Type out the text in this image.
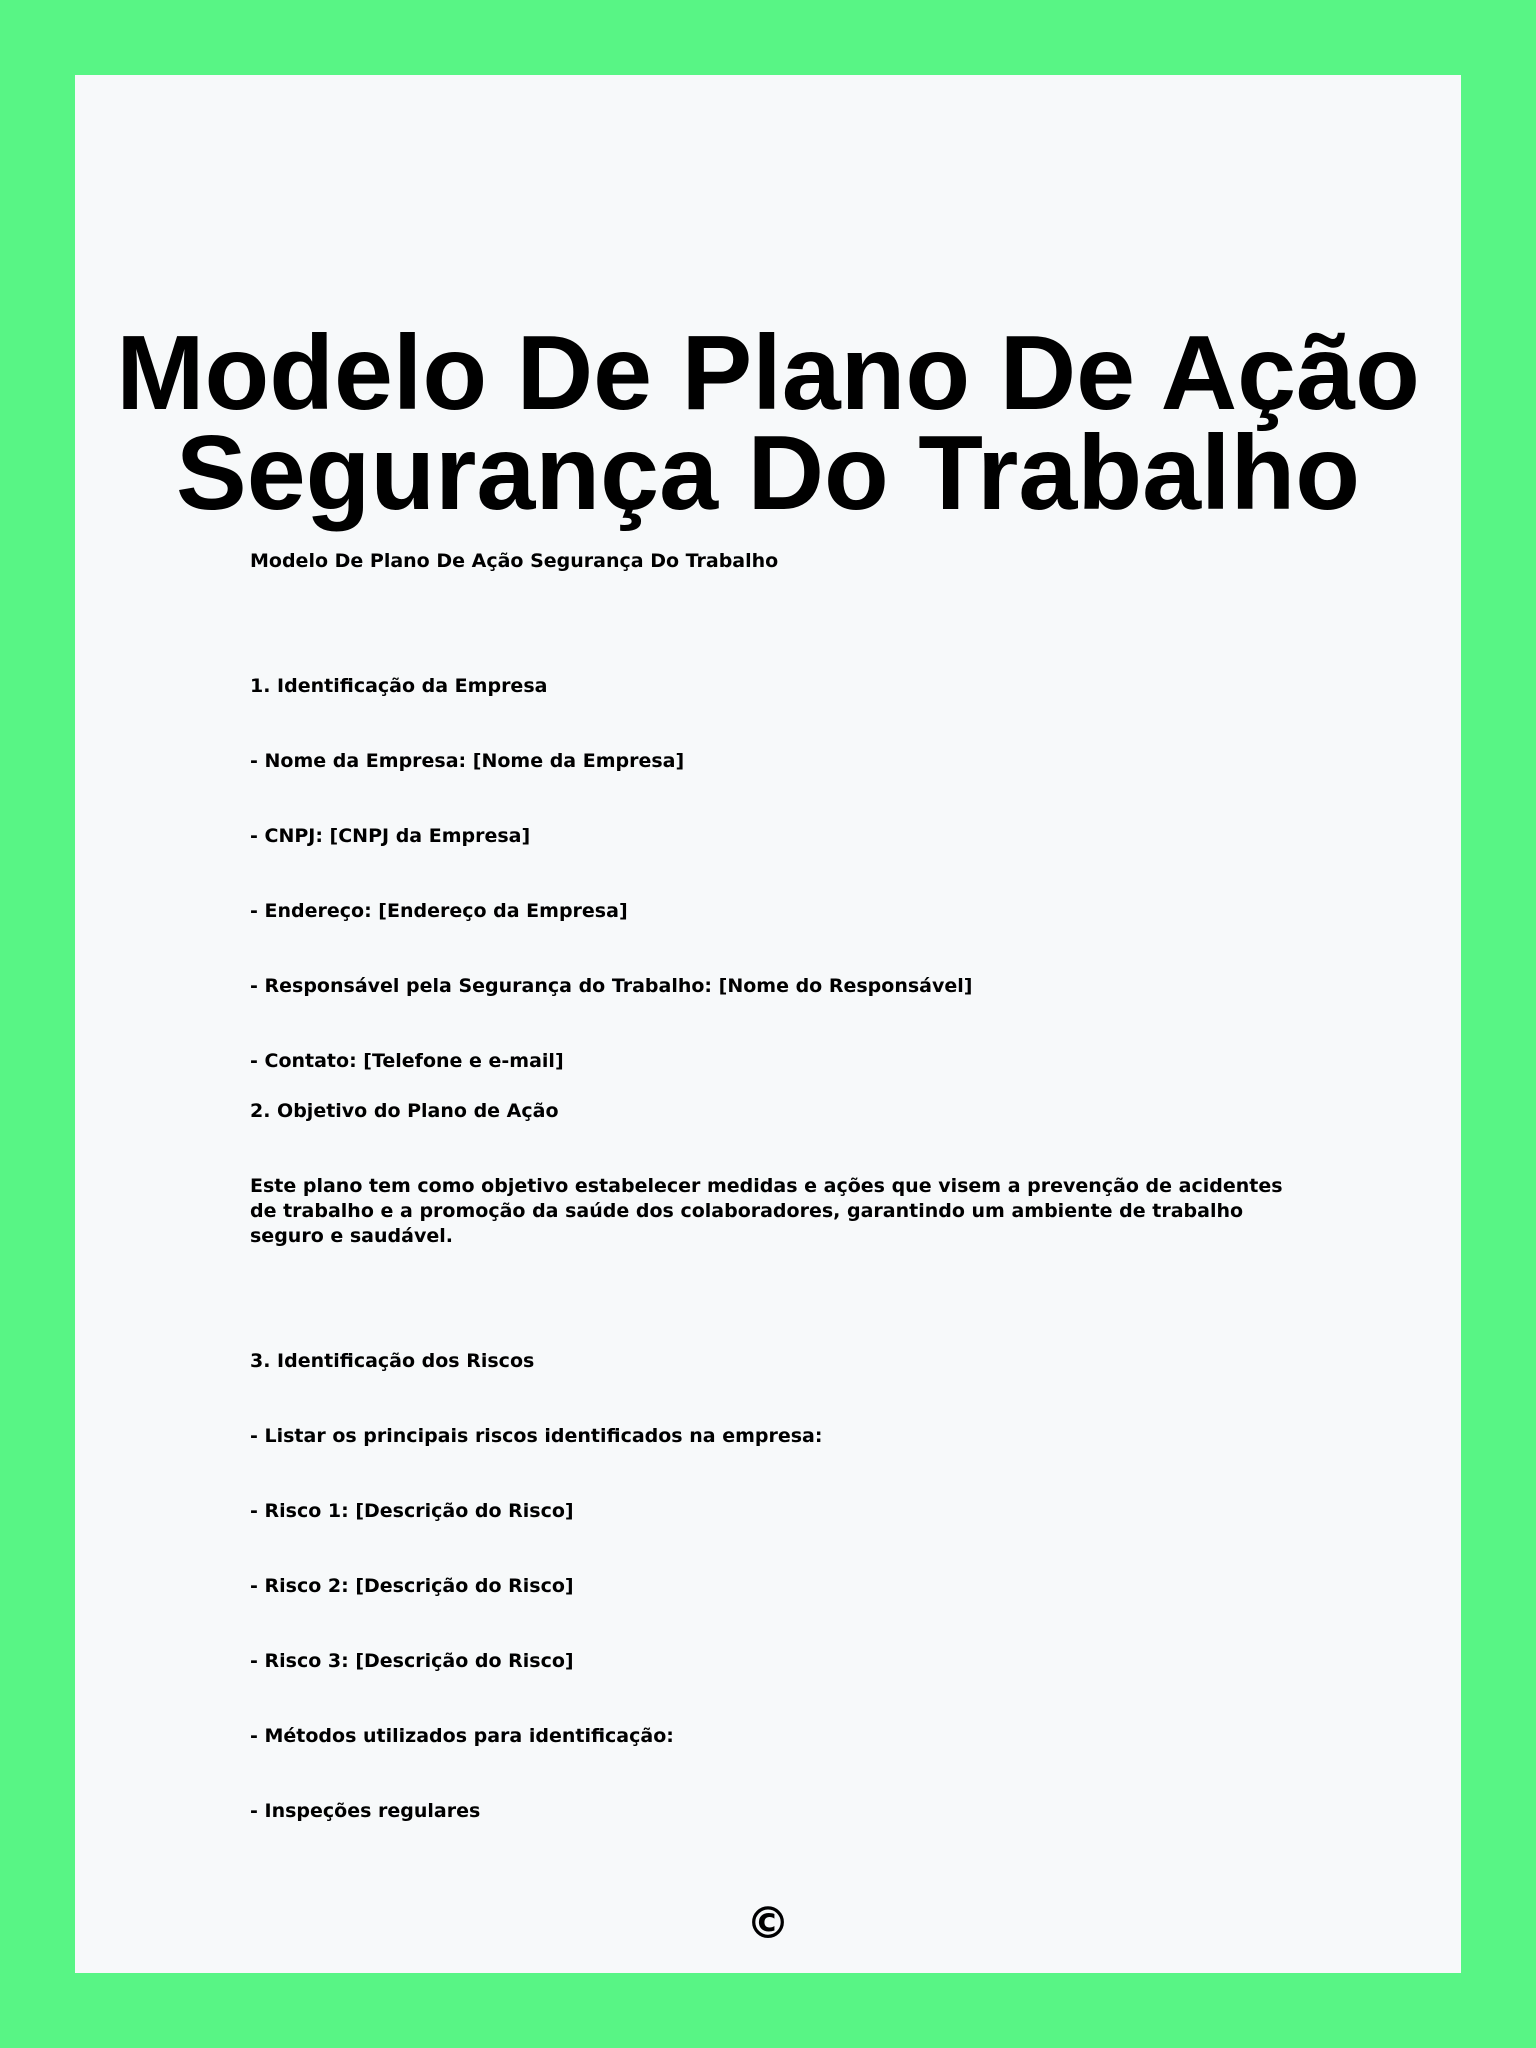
Modelo De Plano De Ação
Segurança Do Trabalho

Modelo De Plano De Ação Segurança Do Trabalho

1. Identificação da Empresa

- Nome da Empresa: [Nome da Empresa]

- CNPJ: [CNPJ da Empresa]

- Endereço: [Endereço da Empresa]

- Responsável pela Segurança do Trabalho: [Nome do Responsável]

- Contato: [Telefone e e-mail]

2. Objetivo do Plano de Ação

Este plano tem como objetivo estabelecer medidas e ações que visem a prevenção de acidentes de trabalho e a promoção da saúde dos colaboradores, garantindo um ambiente de trabalho seguro e saudável.

3. Identificação dos Riscos

- Listar os principais riscos identificados na empresa:

- Risco 1: [Descrição do Risco]

- Risco 2: [Descrição do Risco]

- Risco 3: [Descrição do Risco]

- Métodos utilizados para identificação:

- Inspeções regulares

©
